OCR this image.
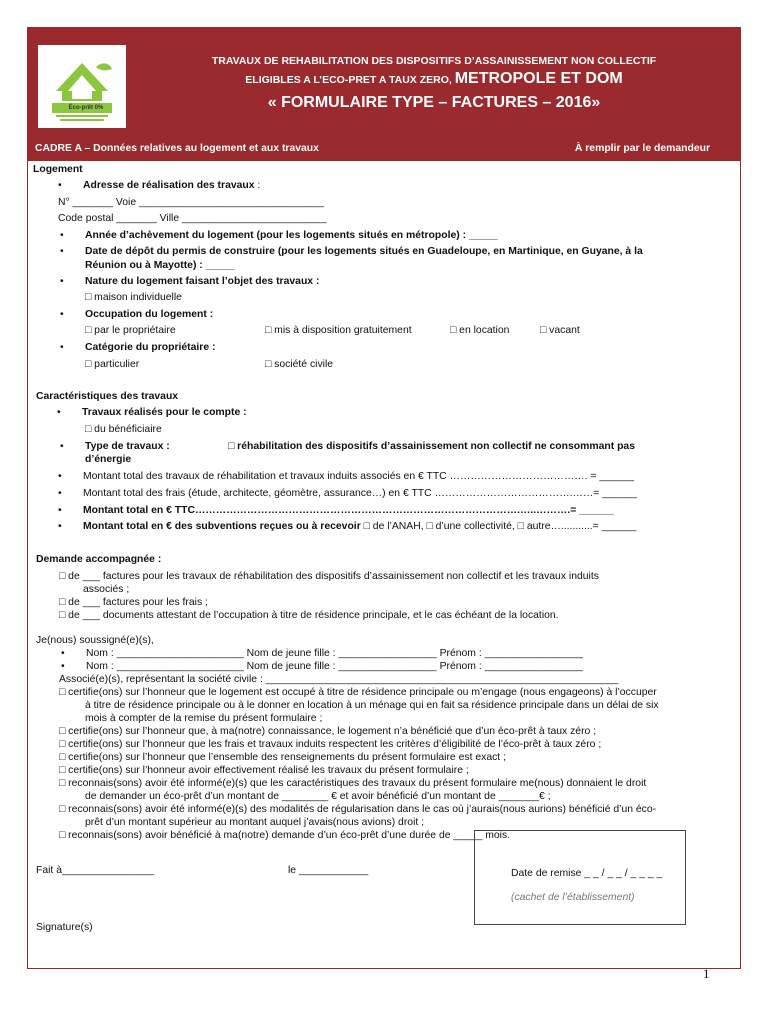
Éco-prêt 0%
TRAVAUX DE REHABILITATION DES DISPOSITIFS D’ASSAINISSEMENT NON COLLECTIF
ELIGIBLES A L’ECO-PRET A TAUX ZERO, METROPOLE ET DOM
« FORMULAIRE TYPE – FACTURES – 2016»
CADRE A – Données relatives au logement et aux travaux	À remplir par le demandeur
Logement
• Adresse de réalisation des travaux :
N° _______ Voie ________________________________
Code postal _______ Ville _________________________
• Année d’achèvement du logement (pour les logements situés en métropole) : _____
• Date de dépôt du permis de construire (pour les logements situés en Guadeloupe, en Martinique, en Guyane, à la
Réunion ou à Mayotte) : _____
• Nature du logement faisant l’objet des travaux :
□ maison individuelle
• Occupation du logement :
□ par le propriétaire	□ mis à disposition gratuitement	□ en location	□ vacant
• Catégorie du propriétaire :
□ particulier	□ société civile
Caractéristiques des travaux
• Travaux réalisés pour le compte :
□ du bénéficiaire
• Type de travaux :	□ réhabilitation des dispositifs d’assainissement non collectif ne consommant pas
d’énergie
• Montant total des travaux de réhabilitation et travaux induits associés en € TTC …………………………………. = ______
• Montant total des frais (étude, architecte, géomètre, assurance…) en € TTC ………………………………….……= ______
• Montant total en € TTC………………………………………………………………………………….…..……….= ______
• Montant total en € des subventions reçues ou à recevoir □ de l’ANAH, □ d’une collectivité, □ autre…...........= ______
Demande accompagnée :
□ de ___ factures pour les travaux de réhabilitation des dispositifs d’assainissement non collectif et les travaux induits
associés ;
□ de ___ factures pour les frais ;
□ de ___ documents attestant de l’occupation à titre de résidence principale, et le cas échéant de la location.
Je(nous) soussigné(e)(s),
• Nom : ______________________ Nom de jeune fille : _________________ Prénom : _________________
• Nom : ______________________ Nom de jeune fille : _________________ Prénom : _________________
Associé(e)(s), représentant la société civile : _____________________________________________________________
□ certifie(ons) sur l’honneur que le logement est occupé à titre de résidence principale ou m’engage (nous engageons) à l’occuper
à titre de résidence principale ou à le donner en location à un ménage qui en fait sa résidence principale dans un délai de six
mois à compter de la remise du présent formulaire ;
□ certifie(ons) sur l’honneur que, à ma(notre) connaissance, le logement n’a bénéficié que d’un éco-prêt à taux zéro ;
□ certifie(ons) sur l’honneur que les frais et travaux induits respectent les critères d’éligibilité de l’éco-prêt à taux zéro ;
□ certifie(ons) sur l’honneur que l’ensemble des renseignements du présent formulaire est exact ;
□ certifie(ons) sur l’honneur avoir effectivement réalisé les travaux du présent formulaire ;
□ reconnais(sons) avoir été informé(e)(s) que les caractéristiques des travaux du présent formulaire me(nous) donnaient le droit
de demander un éco-prêt d’un montant de ________ € et avoir bénéficié d’un montant de _______€ ;
□ reconnais(sons) avoir été informé(e)(s) des modalités de régularisation dans le cas où j’aurais(nous aurions) bénéficié d’un éco-
prêt d’un montant supérieur au montant auquel j’avais(nous avions) droit ;
□ reconnais(sons) avoir bénéficié à ma(notre) demande d’un éco-prêt d’une durée de _____ mois.
Fait à________________	le ____________	Date de remise _ _ / _ _ / _ _ _ _
(cachet de l’établissement)
Signature(s)
1
